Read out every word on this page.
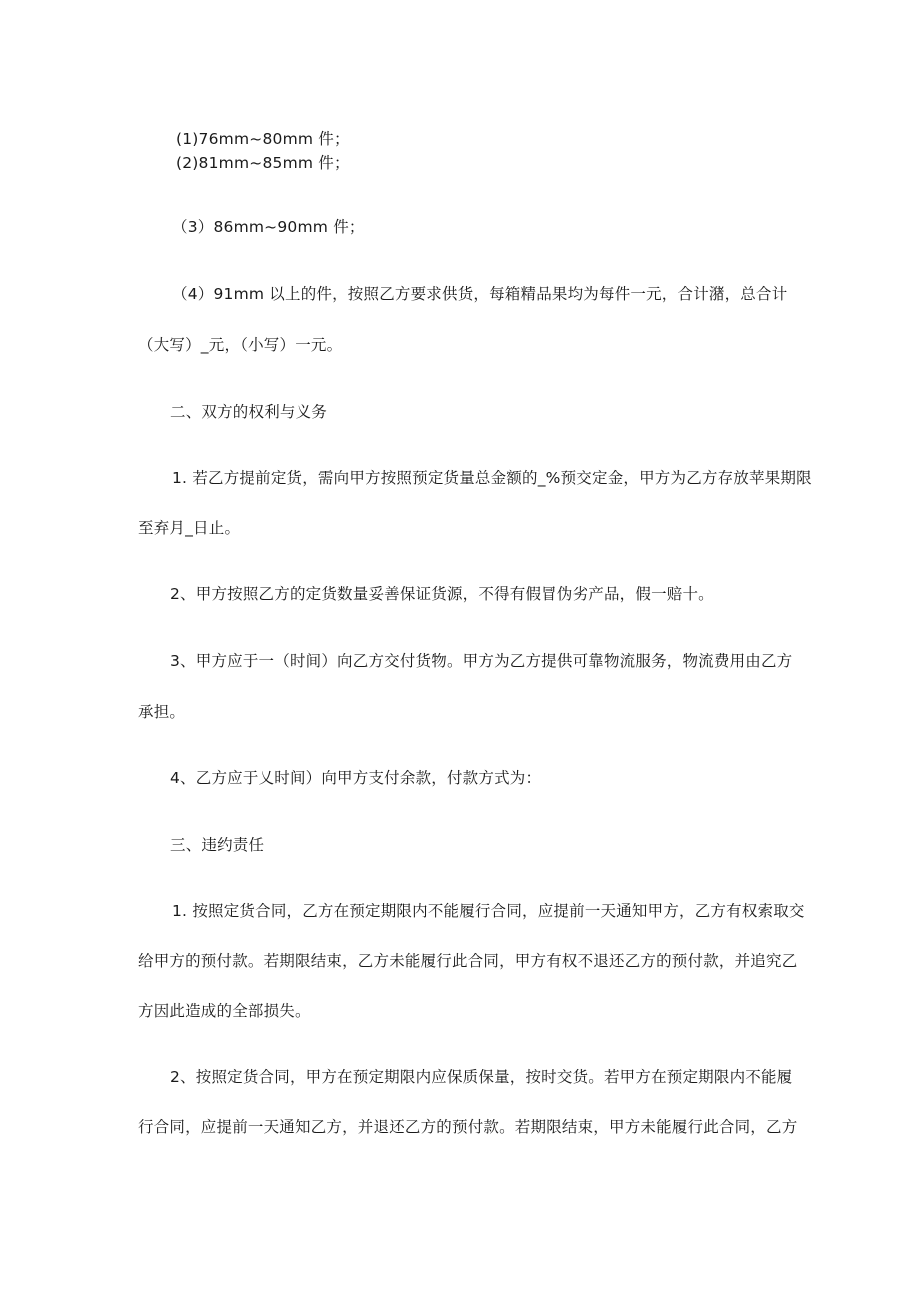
(1)76mm~80mm 件；
(2)81mm~85mm 件；
（3）86mm~90mm 件；
（4）91mm 以上的件，按照乙方要求供货，每箱精品果均为每件一元，合计潴，总合计
（大写）_元，（小写）一元。
二、双方的权利与义务
1. 若乙方提前定货，需向甲方按照预定货量总金额的_%预交定金，甲方为乙方存放苹果期限
至弃月_日止。
2、甲方按照乙方的定货数量妥善保证货源，不得有假冒伪劣产品，假一赔十。
3、甲方应于一（时间）向乙方交付货物。甲方为乙方提供可靠物流服务，物流费用由乙方
承担。
4、乙方应于乂时间）向甲方支付余款，付款方式为：
三、违约责任
1. 按照定货合同，乙方在预定期限内不能履行合同，应提前一天通知甲方，乙方有权索取交
给甲方的预付款。若期限结束，乙方未能履行此合同，甲方有权不退还乙方的预付款，并追究乙
方因此造成的全部损失。
2、按照定货合同，甲方在预定期限内应保质保量，按时交货。若甲方在预定期限内不能履
行合同，应提前一天通知乙方，并退还乙方的预付款。若期限结束，甲方未能履行此合同，乙方
